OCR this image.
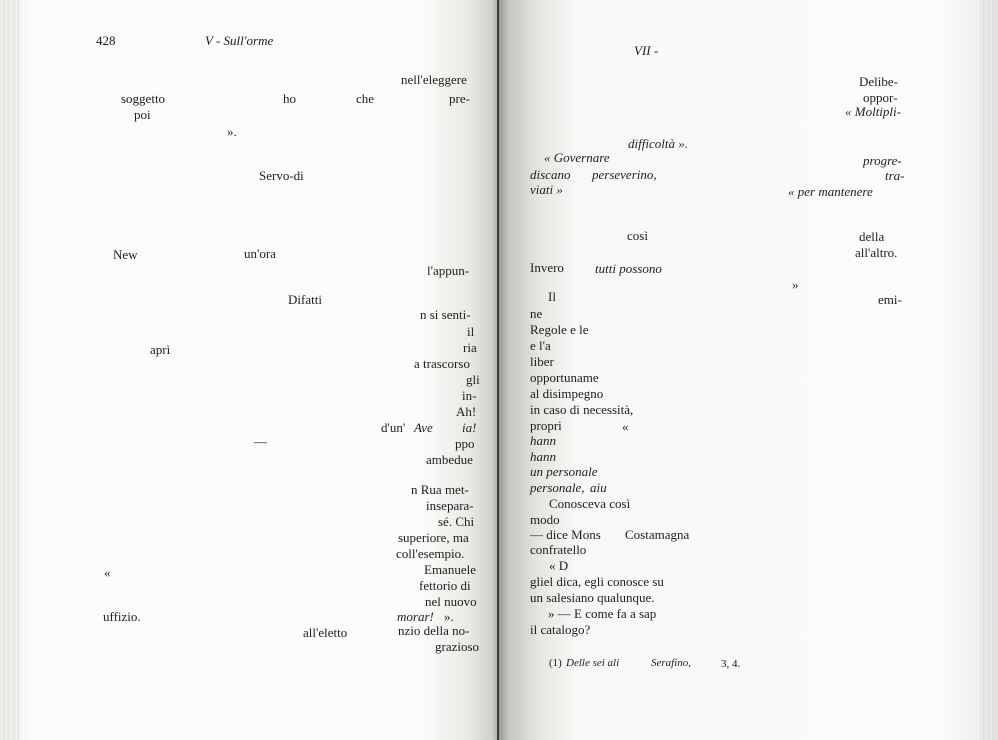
428	V - Sull'orme
nell'eleggere
soggetto	ho	che	pre-
poi
».
Servo-di
New	un'ora
l'appun-
Difatti
n si senti-
il
aprì	ria
a trascorso
gli
in-
Ah!
d'un' Ave ia!
—	ppo
ambedue
n Rua met-
insepara-
sé. Chi
superiore, ma
coll'esempio.
Emanuele
«
fettorio di
nel nuovo
uffizio.	morar! ».
all'eletto	nzio della no-
grazioso
VII -
Delibe-
oppor-
« Moltipli-
difficoltà ».
« Governare	progre-
discano perseverino,	tra-
viati »	« per mantenere
così	della
all'altro.
Invero tutti possono
»
Il	emi-
ne
Regole e le
e l'a
liber
opportuname
al disimpegno
in caso di necessità,
propri	«
hann
hann
un personale
personale, aiu
Conosceva così
modo
— dice Mons Costamagna
confratello
« D
gliel dica, egli conosce su
un salesiano qualunque.
» — E come fa a sap
il catalogo?
(1) Delle sei ali	Serafino,	3, 4.
